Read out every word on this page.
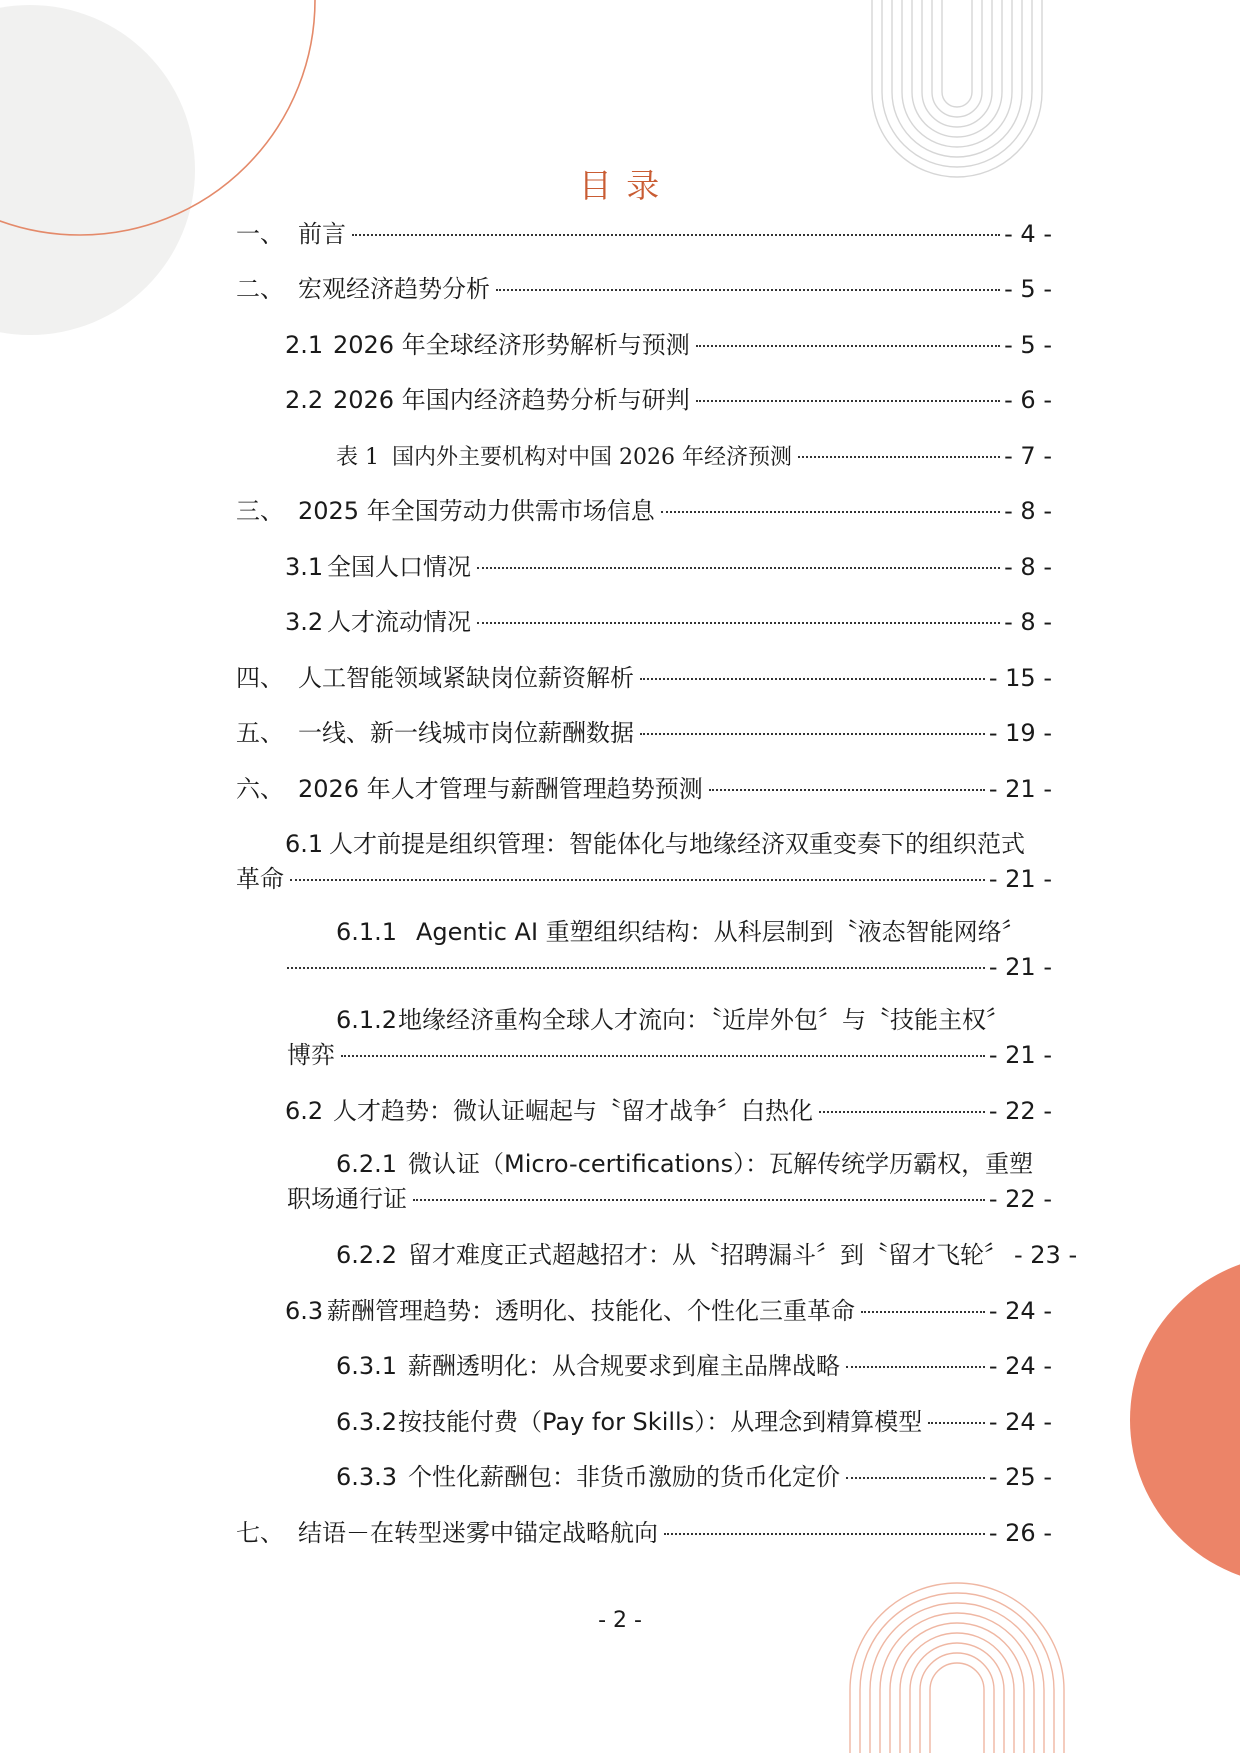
目 录
一、 前言	- 4 -
二、 宏观经济趋势分析	- 5 -
2.1 2026 年全球经济形势解析与预测	- 5 -
2.2 2026 年国内经济趋势分析与研判	- 6 -
表 1 国内外主要机构对中国 2026 年经济预测	- 7 -
三、 2025 年全国劳动力供需市场信息	- 8 -
3.1 全国人口情况	- 8 -
3.2 人才流动情况	- 8 -
四、 人工智能领域紧缺岗位薪资解析	- 15 -
五、 一线、新一线城市岗位薪酬数据	- 19 -
六、 2026 年人才管理与薪酬管理趋势预测	- 21 -
6.1 人才前提是组织管理：智能体化与地缘经济双重变奏下的组织范式
革命	- 21 -
6.1.1 Agentic AI 重塑组织结构：从科层制到〝液态智能网络〞
- 21 -
6.1.2地缘经济重构全球人才流向：〝近岸外包〞与〝技能主权〞
博弈	- 21 -
6.2 人才趋势：微认证崛起与〝留才战争〞白热化	- 22 -
6.2.1 微认证（Micro-certifications）：瓦解传统学历霸权，重塑
职场通行证	- 22 -
6.2.2 留才难度正式超越招才：从〝招聘漏斗〞到〝留才飞轮〞 - 23 -
6.3 薪酬管理趋势：透明化、技能化、个性化三重革命	- 24 -
6.3.1 薪酬透明化：从合规要求到雇主品牌战略	- 24 -
6.3.2 按技能付费（Pay for Skills）：从理念到精算模型	- 24 -
6.3.3 个性化薪酬包：非货币激励的货币化定价	- 25 -
七、 结语－在转型迷雾中锚定战略航向	- 26 -
- 2 -
